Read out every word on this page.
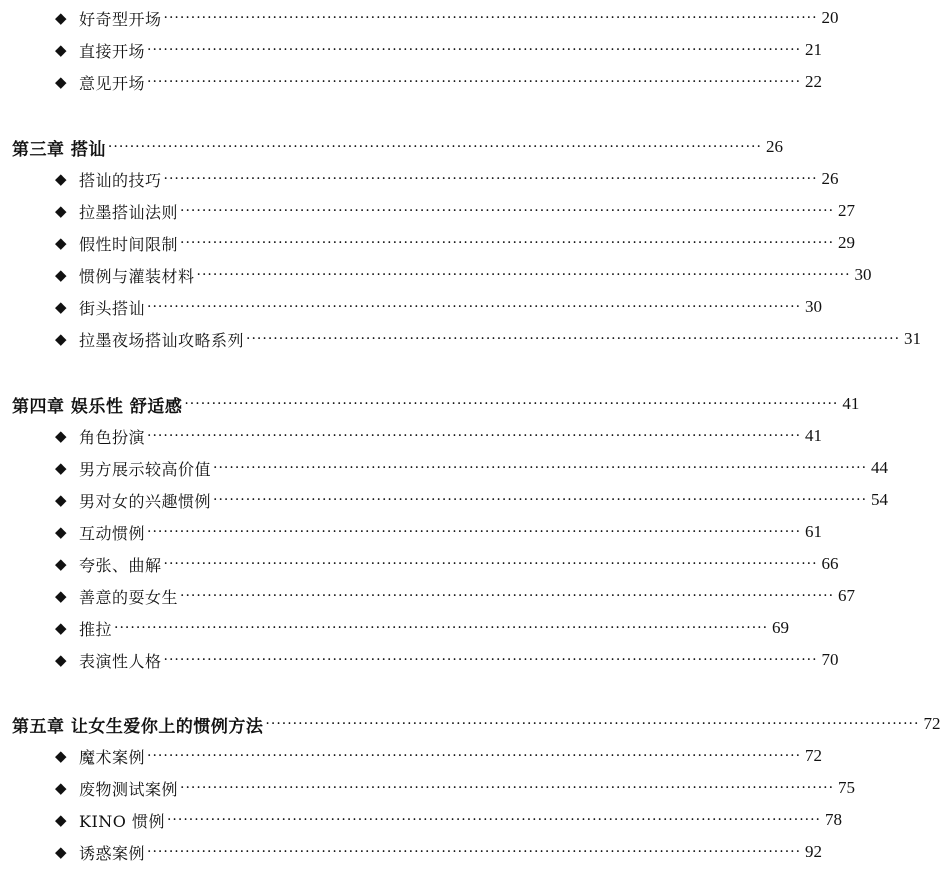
◆ 好奇型开场 ························································································································ 20
◆ 直接开场 ························································································································ 21
◆ 意见开场 ························································································································ 22
第三章 搭讪 ························································································································ 26
◆ 搭讪的技巧 ························································································································ 26
◆ 拉墨搭讪法则 ························································································································ 27
◆ 假性时间限制 ························································································································ 29
◆ 惯例与灌装材料 ························································································································ 30
◆ 街头搭讪 ························································································································ 30
◆ 拉墨夜场搭讪攻略系列 ························································································································ 31
第四章 娱乐性 舒适感 ························································································································ 41
◆ 角色扮演 ························································································································ 41
◆ 男方展示较高价值 ························································································································ 44
◆ 男对女的兴趣惯例 ························································································································ 54
◆ 互动惯例 ························································································································ 61
◆ 夸张、曲解 ························································································································ 66
◆ 善意的耍女生 ························································································································ 67
◆ 推拉 ························································································································ 69
◆ 表演性人格 ························································································································ 70
第五章 让女生爱你上的惯例方法 ························································································································ 72
◆ 魔术案例 ························································································································ 72
◆ 废物测试案例 ························································································································ 75
◆ KINO 惯例 ························································································································ 78
◆ 诱惑案例 ························································································································ 92
